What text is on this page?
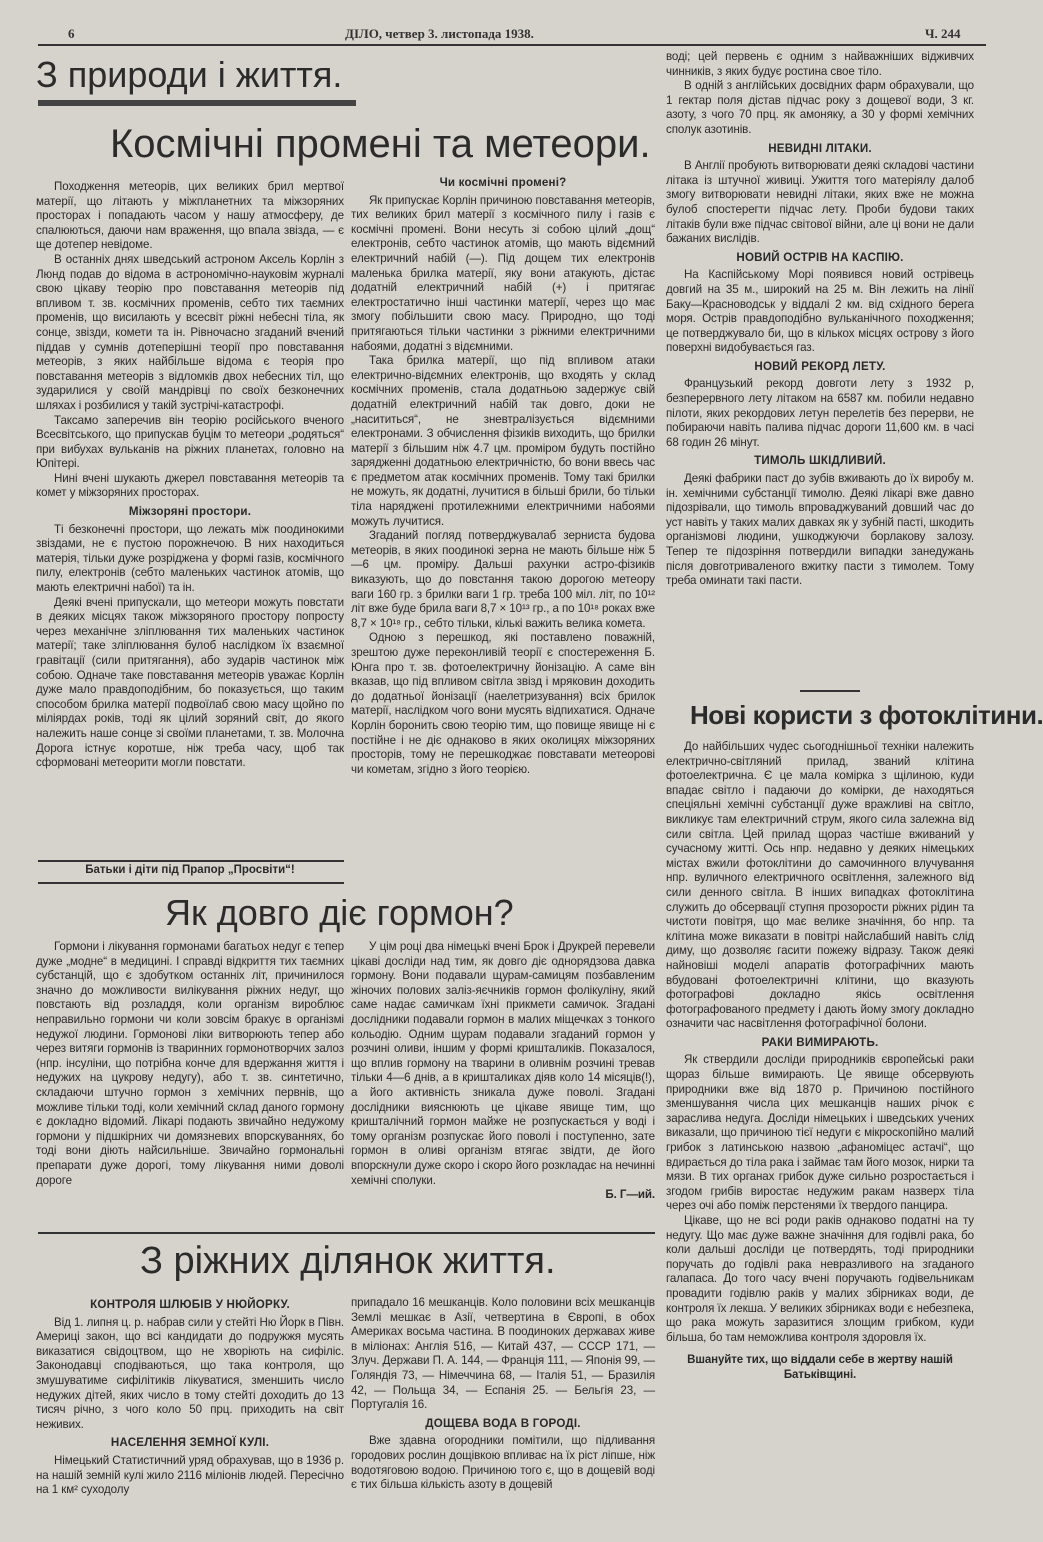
6	ДІЛО, четвер 3. листопада 1938.	Ч. 244
З природи і життя.
Космічні промені та метеори.

Походження метеорів, цих великих брил мертвої матерії, що літають у міжпланетних та міжзоряних просторах і попадають часом у нашу атмосферу, де спалюються, даючи нам враження, що впала звізда, — є ще дотепер невідоме.

В останніх днях шведський астроном Аксель Корлін з Люнд подав до відома в астрономічно-науковім журналі свою цікаву теорію про повставання метеорів під впливом т. зв. космічних променів, себто тих таємних променів, що висилають у всесвіт ріжні небесні тіла, як сонце, звізди, комети та ін. Рівночасно згаданий вчений піддав у сумнів дотеперішні теорії про повставання метеорів, з яких найбільше відома є теорія про повставання метеорів з відломків двох небесних тіл, що зударилися у своїй мандрівці по своїх безконечних шляхах і розбилися у такій зустрічі-катастрофі.

Таксамо заперечив він теорію російського вченого Всесвітського, що припускав буцім то метеори „родяться“ при вибухах вульканів на ріжних планетах, головно на Юпітері.

Нині вчені шукають джерел повставання метеорів та комет у міжзоряних просторах.

Міжзоряні простори.

Ті безконечні простори, що лежать між поодинокими звіздами, не є пустою порожнечою. В них находиться матерія, тільки дуже розріджена у формі газів, космічного пилу, електронів (себто маленьких частинок атомів, що мають електричні набої) та ін.

Деякі вчені припускали, що метеори можуть повстати в деяких місцях також міжзоряного простору попросту через механічне зліплювання тих маленьких частинок матерії; таке зліплювання булоб наслідком їх взаємної гравітації (сили притягання), або зударів частинок між собою. Одначе таке повставання метеорів уважає Корлін дуже мало правдоподібним, бо показується, що таким способом брилка матерії подвоїлаб свою масу щойно по міліярдах років, тоді як цілий зоряний світ, до якого належить наше сонце зі своїми планетами, т. зв. Молочна Дорога істнує коротше, ніж треба часу, щоб так сформовані метеорити могли повстати.

Батьки і діти під Прапор „Просвіти“!
Чи космічні промені?

Як припускає Корлін причиною повставання метеорів, тих великих брил матерії з космічного пилу і газів є космічні промені. Вони несуть зі собою цілий „дощ“ електронів, себто частинок атомів, що мають відємний електричний набій (—). Під дощем тих електронів маленька брилка матерії, яку вони атакують, дістає додатній електричний набій (+) і притягає електростатично інші частинки матерії, через що має змогу побільшити свою масу. Природно, що тоді притягаються тільки частинки з ріжними електричними набоями, додатні з відємними.

Така брилка матерії, що під впливом атаки електрично-відємних електронів, що входять у склад космічних променів, стала додатньою задержує свій додатній електричний набій так довго, доки не „насититься“, не зневтралізується відємними електронами. З обчислення фізиків виходить, що брилки матерії з більшим ніж 4.7 цм. проміром будуть постійно зарядженні додатньою електричністю, бо вони ввесь час є предметом атак космічних променів. Тому такі брилки не можуть, як додатні, лучитися в більші брили, бо тільки тіла наряджені протилежними електричними набоями можуть лучитися.

Згаданий погляд потверджувалаб зерниста будова метеорів, в яких поодинокі зерна не мають більше ніж 5—6 цм. проміру. Дальші рахунки астро-фізиків виказують, що до повстання такою дорогою метеору ваги 160 гр. з брилки ваги 1 гр. треба 100 міл. літ, по 10¹² літ вже буде брила ваги 8,7 × 10¹³ гр., а по 10¹⁸ роках вже 8,7 × 10¹⁸ гр., себто тільки, кількі важить велика комета.

Одною з перешкод, які поставлено поважній, зрештою дуже переконливій теорії є спостереження Б. Юнга про т. зв. фотоелектричну йонізацію. А саме він вказав, що під впливом світла звізд і мряковин доходить до додатньої йонізації (наелетризування) всіх брилок матерії, наслідком чого вони мусять відпихатися. Одначе Корлін боронить свою теорію тим, що повище явище ні є постійне і не діє однаково в яких околицях міжзоряних просторів, тому не перешкоджає повставати метеорові чи кометам, згідно з його теорією.

Як довго діє гормон?

Гормони і лікування гормонами багатьох недуг є тепер дуже „модне“ в медицині. І справді відкриття тих таємних субстанцій, що є здобутком останніх літ, причинилося значно до можливости вилікування ріжних недуг, що повстають від розладдя, коли організм вироблює неправильно гормони чи коли зовсім бракує в організмі недужої людини. Гормонові ліки витворюють тепер або через витяги гормонів із тваринних гормонотворчих залоз (нпр. інсуліни, що потрібна конче для вдержання життя і недужих на цукрову недугу), або т. зв. синтетично, складаючи штучно гормон з хемічних первнів, що можливе тільки тоді, коли хемічний склад даного гормону є докладно відомий. Лікарі подають звичайно недужому гормони у підшкірних чи домязневих впорскуваннях, бо тоді вони діють найсильніше. Звичайно гормональні препарати дуже дорогі, тому лікування ними доволі дороге

У цім році два німецькі вчені Брок і Друкрей перевели цікаві досліди над тим, як довго діє однорядзова давка гормону. Вони подавали щурам-самицям позбавленим жіночих полових заліз-яєчників гормон фолікуліну, який саме надає самичкам їхні прикмети самичок. Згадані дослідники подавали гормон в малих міщечках з тонкого кольодію. Одним щурам подавали згаданий гормон у розчині оливи, іншим у формі кришталиків. Показалося, що вплив гормону на тварини в оливнім розчині тревав тільки 4—6 днів, а в кришталиках діяв коло 14 місяців(!), а його активність зникала дуже поволі. Згадані дослідники вияснюють це цікаве явище тим, що кришталічний гормон майже не розпускається у воді і тому організм розпускає його поволі і поступенно, зате гормон в оливі організм втягає звідти, де його впорскнули дуже скоро і скоро його розкладає на нечинні хемічні сполуки.

Б. Г—ий.
З ріжних ділянок життя.
КОНТРОЛЯ ШЛЮБІВ У НЮЙОРКУ.

Від 1. липня ц. р. набрав сили у стейті Ню Йорк в Півн. Америці закон, що всі кандидати до подружжя мусять виказатися свідоцтвом, що не хворіють на сифіліс. Законодавці сподіваються, що така контроля, що змушуватиме сифілітиків лікуватися, зменшить число недужих дітей, яких число в тому стейті доходить до 13 тисяч річно, з чого коло 50 прц. приходить на світ неживих.

НАСЕЛЕННЯ ЗЕМНОЇ КУЛІ.

Німецький Статистичний уряд обрахував, що в 1936 р. на нашій земній кулі жило 2116 міліонів людей. Пересічно на 1 км² суходолу

припадало 16 мешканців. Коло половини всіх мешканців Землі мешкає в Азії, четвертина в Європі, в обох Америках восьма частина. В поодиноких державах живе в міліонах: Англія 516, — Китай 437, — СССР 171, — Злуч. Держави П. А. 144, — Франція 111, — Японія 99, — Голяндія 73, — Німеччина 68, — Італія 51, — Бразилія 42, — Польща 34, — Еспанія 25. — Бельгія 23, — Португалія 16.

ДОЩЕВА ВОДА В ГОРОДІ.

Вже здавна огородники помітили, що підливання городових рослин дощівкою впливає на їх ріст ліпше, ніж водотяговою водою. Причиною того є, що в дощевій воді є тих більша кількість азоту в дощевій

воді; цей первень є одним з найважніших відживчих чинників, з яких будує ростина свое тіло.

В одній з англійських досвідних фарм обрахували, що 1 гектар поля дістав підчас року з дощевої води, 3 кг. азоту, з чого 70 прц. як амоняку, а 30 у формі хемічних сполук азотинів.

НЕВИДНІ ЛІТАКИ.

В Англії пробують витворювати деякі складові частини літака із штучної живиці. Ужиття того матеріялу далоб змогу витворювати невидні літаки, яких вже не можна булоб спостерегти підчас лету. Проби будови таких літаків були вже підчас світової війни, але ці вони не дали бажаних вислідів.

НОВИЙ ОСТРІВ НА КАСПІЮ.

На Каспійському Морі появився новий острівець довгий на 35 м., широкий на 25 м. Він лежить на лінії Баку—Красноводськ у віддалі 2 км. від східного берега моря. Острів правдоподібно вульканічного походження; це потверджувало би, що в кількох місцях острову з його поверхні видобувається газ.

НОВИЙ РЕКОРД ЛЕТУ.

Французький рекорд довготи лету з 1932 р, безперервного лету літаком на 6587 км. побили недавно пілоти, яких рекордових летун перелетів без перерви, не побираючи навіть палива підчас дороги 11,600 км. в часі 68 годин 26 мінут.

ТИМОЛЬ ШКІДЛИВИЙ.

Деякі фабрики паст до зубів вживають до їх виробу м. ін. хемічними субстанції тимолю. Деякі лікарі вже давно підозрівали, що тимоль впроваджуваний довший час до уст навіть у таких малих давках як у зубній пасті, шкодить організмові людини, ушкоджуючи борлакову залозу. Тепер те підозріння потвердили випадки занедужань після довготриваленого вжитку пасти з тимолем. Тому треба оминати такі пасти.

Нові користи з фотоклітини.

До найбільших чудес сьогоднішньої техніки належить електрично-світляний прилад, званий клітина фотоелектрична. Є це мала комірка з щілиною, куди впадає світло і падаючи до комірки, де находяться спеціяльні хемічні субстанції дуже вражливі на світло, викликує там електричний струм, якого сила залежна від сили світла. Цей прилад щораз частіше вживаний у сучасному житті. Ось нпр. недавно у деяких німецьких містах вжили фотоклітини до самочинного влучування нпр. вуличного електричного освітлення, залежного від сили денного світла. В інших випадках фотоклітина служить до обсервації ступня прозорости ріжних рідин та чистоти повітря, що має велике значіння, бо нпр. та клітина може виказати в повітрі найслабший навіть слід диму, що дозволяє гасити пожежу відразу. Також деякі найновіші моделі апаратів фотографічних мають вбудовані фотоелектричні клітини, що вказують фотографові докладно якісь освітлення фотографованого предмету і дають йому змогу докладно означити час насвітлення фотографічної болони.

РАКИ ВИМИРАЮТЬ.

Як ствердили досліди природників європейські раки щораз більше вимирають. Це явище обсервують природники вже від 1870 р. Причиною постійного зменшування числа цих мешканців наших річок є зараслива недуга. Досліди німецьких і шведських учених виказали, що причиною тієї недуги є мікроскопійно малий грибок з латинською назвою „афаноміцес астачі“, що вдирається до тіла рака і займає там його мозок, нирки та мязи. В тих органах грибок дуже сильно розростається і згодом грибів виростає недужим ракам назверх тіла через очі або поміж перстенями їх твердого панцира.

Цікаве, що не всі роди раків однаково податні на ту недугу. Що має дуже важне значіння для годівлі рака, бо коли дальші досліди це потвердять, тоді природники поручать до годівлі рака невразливого на згаданого галапаса. До того часу вчені поручають годівельникам провадити годівлю раків у малих збірниках води, де контроля їх лекша. У великих збірниках води є небезпека, що рака можуть заразитися злощим грибком, куди більша, бо там неможлива контроля здоровля їх.

Вшануйте тих, що віддали себе в жертву нашій Батьківщині.
